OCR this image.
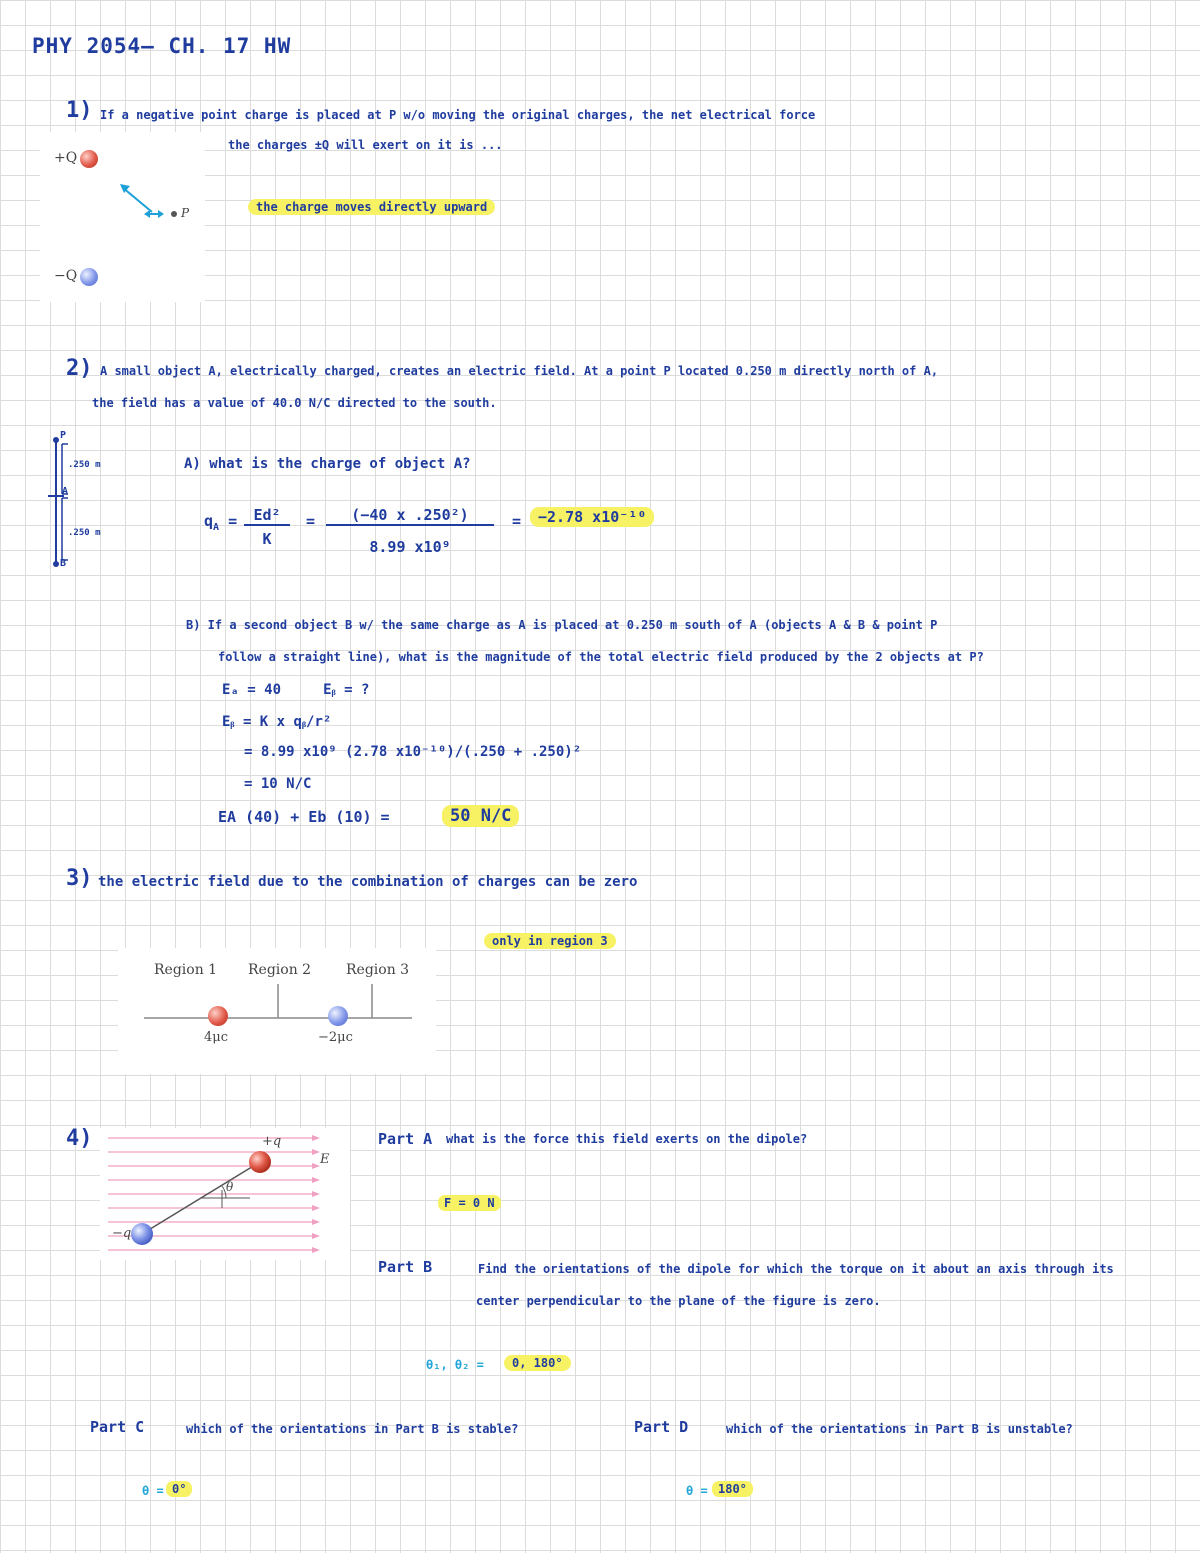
PHY 2054— CH. 17 HW
1) If a negative point charge is placed at P w/o moving the original charges, the net electrical force
the charges ±Q will exert on it is ...
the charge moves directly upward
+Q
P
−Q
2) A small object A, electrically charged, creates an electric field. At a point P located 0.250 m directly north of A,
the field has a value of 40.0 N/C directed to the south.
P
A
B
.250 m
.250 m
A) what is the charge of object A?
$q_A$ =	Ed²
K
=	(−40 x .250²)
8.99 x10⁹
=	−2.78 x10⁻¹⁰
B) If a second object B w/ the same charge as A is placed at 0.250 m south of A (objects A & B & point P
follow a straight line), what is the magnitude of the total electric field produced by the 2 objects at P?
Eₐ = 40     Eᵦ = ?
Eᵦ = K x qᵦ/r²
= 8.99 x10⁹ (2.78 x10⁻¹⁰)/(.250 + .250)²
= 10 N/C
EA (40) + Eb (10) =	50 N/C
3) the electric field due to the combination of charges can be zero
only in region 3
Region 1 Region 2 Region 3
4μc	−2μc
4)	+q
−q
θ
E
Part A what is the force this field exerts on the dipole?
F = 0 N
Part B	Find the orientations of the dipole for which the torque on it about an axis through its
center perpendicular to the plane of the figure is zero.
θ₁, θ₂ =	0, 180°
Part C	which of the orientations in Part B is stable?
θ = 0°
Part D	which of the orientations in Part B is unstable?
θ = 180°
